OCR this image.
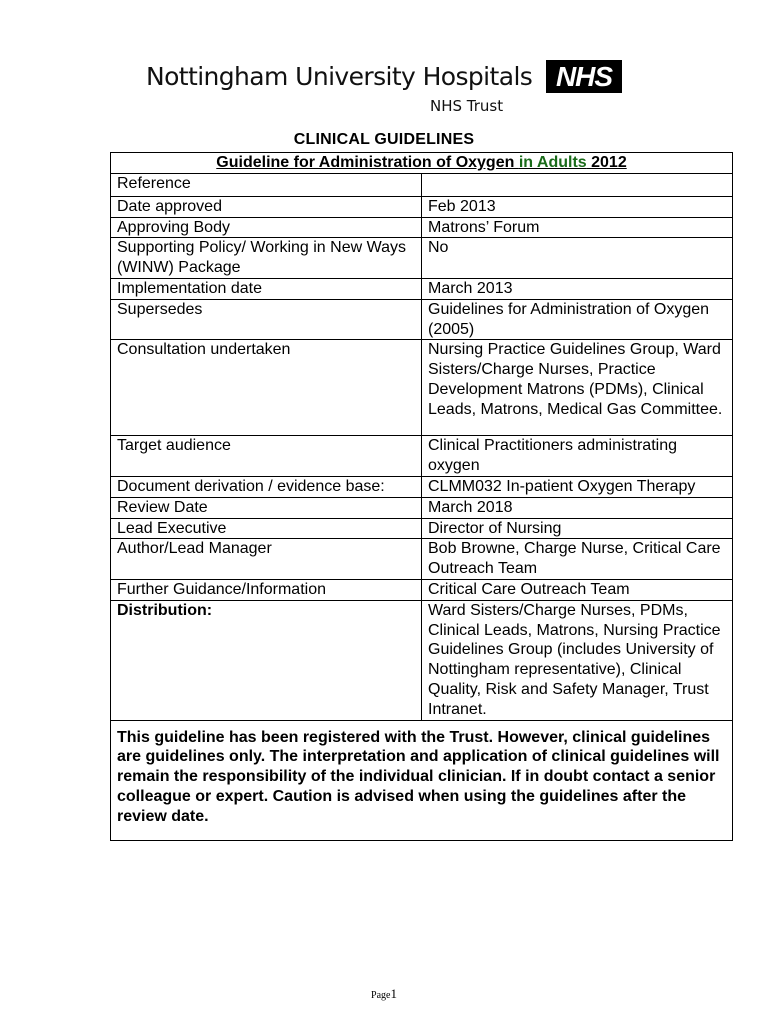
Nottingham University Hospitals NHS
NHS Trust
CLINICAL GUIDELINES
Guideline for Administration of Oxygen in Adults 2012	
Reference	
Date approved	Feb 2013
Approving Body	Matrons’ Forum
Supporting Policy/ Working in New Ways (WINW) Package	No
Implementation date	March 2013
Supersedes	Guidelines for Administration of Oxygen (2005)
Consultation undertaken	Nursing Practice Guidelines Group, Ward Sisters/Charge Nurses, Practice Development Matrons (PDMs), Clinical Leads, Matrons, Medical Gas Committee.
Target audience	Clinical Practitioners administrating oxygen
Document derivation / evidence base:	CLMM032 In-patient Oxygen Therapy
Review Date	March 2018
Lead Executive	Director of Nursing
Author/Lead Manager	Bob Browne, Charge Nurse, Critical Care Outreach Team
Further Guidance/Information	Critical Care Outreach Team
Distribution:	Ward Sisters/Charge Nurses, PDMs, Clinical Leads, Matrons, Nursing Practice Guidelines Group (includes University of Nottingham representative), Clinical Quality, Risk and Safety Manager, Trust Intranet.
This guideline has been registered with the Trust. However, clinical guidelines are guidelines only. The interpretation and application of clinical guidelines will remain the responsibility of the individual clinician. If in doubt contact a senior colleague or expert. Caution is advised when using the guidelines after the review date.	
Page1
